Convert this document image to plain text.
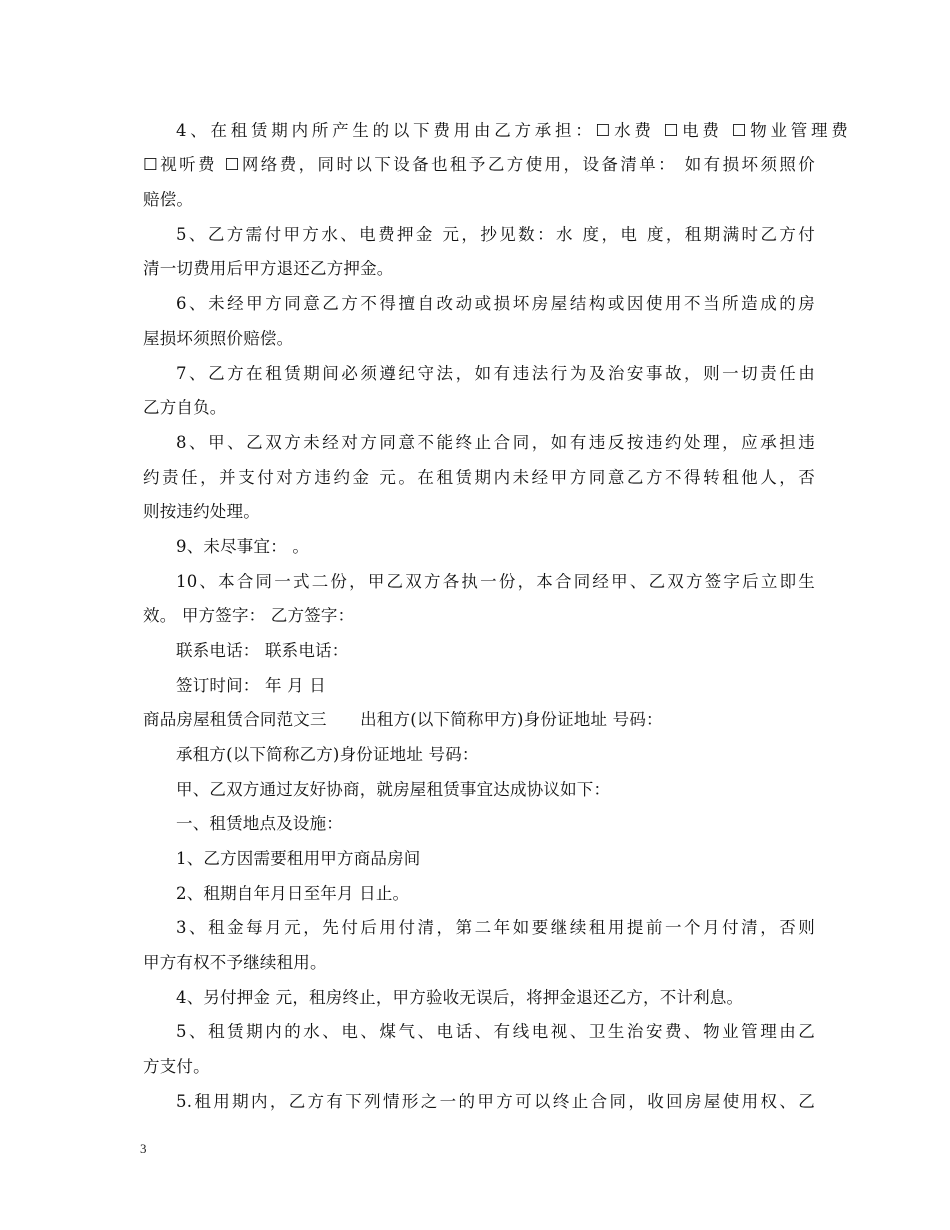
4、在租赁期内所产生的以下费用由乙方承担：☐水费 ☐电费 ☐物业管理费
☐视听费 ☐网络费，同时以下设备也租予乙方使用，设备清单： 如有损坏须照价
赔偿。
5、乙方需付甲方水、电费押金 元，抄见数：水 度，电 度，租期满时乙方付
清一切费用后甲方退还乙方押金。
6、未经甲方同意乙方不得擅自改动或损坏房屋结构或因使用不当所造成的房
屋损坏须照价赔偿。
7、乙方在租赁期间必须遵纪守法，如有违法行为及治安事故，则一切责任由
乙方自负。
8、甲、乙双方未经对方同意不能终止合同，如有违反按违约处理，应承担违
约责任，并支付对方违约金 元。在租赁期内未经甲方同意乙方不得转租他人，否
则按违约处理。
9、未尽事宜： 。
10、本合同一式二份，甲乙双方各执一份，本合同经甲、乙双方签字后立即生
效。 甲方签字： 乙方签字：
联系电话： 联系电话：
签订时间： 年 月 日
商品房屋租赁合同范文三　　出租方(以下简称甲方)身份证地址 号码：
承租方(以下简称乙方)身份证地址 号码：
甲、乙双方通过友好协商，就房屋租赁事宜达成协议如下：
一、租赁地点及设施：
1、乙方因需要租用甲方商品房间
2、租期自年月日至年月 日止。
3、租金每月元，先付后用付清，第二年如要继续租用提前一个月付清，否则
甲方有权不予继续租用。
4、另付押金 元，租房终止，甲方验收无误后，将押金退还乙方，不计利息。
5、租赁期内的水、电、煤气、电话、有线电视、卫生治安费、物业管理由乙
方支付。
5.租用期内，乙方有下列情形之一的甲方可以终止合同，收回房屋使用权、乙
3
